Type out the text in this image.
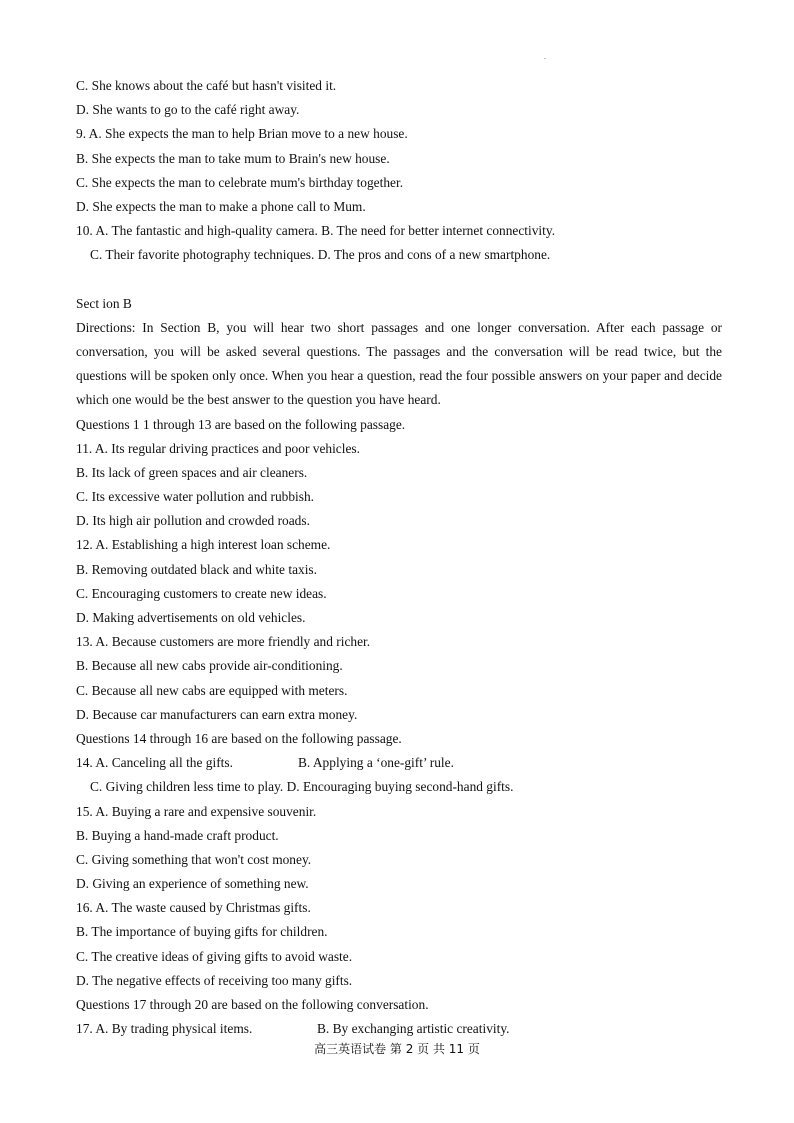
.
C. She knows about the café but hasn't visited it.
D. She wants to go to the café right away.
9. A. She expects the man to help Brian move to a new house.
B. She expects the man to take mum to Brain's new house.
C. She expects the man to celebrate mum's birthday together.
D. She expects the man to make a phone call to Mum.
10. A. The fantastic and high-quality camera. B. The need for better internet connectivity.
C. Their favorite photography techniques. D. The pros and cons of a new smartphone.
Sect ion B
Directions: In Section B, you will hear two short passages and one longer conversation. After each passage or conversation, you will be asked several questions. The passages and the conversation will be read twice, but the questions will be spoken only once. When you hear a question, read the four possible answers on your paper and decide which one would be the best answer to the question you have heard.
Questions 1 1 through 13 are based on the following passage.
11. A. Its regular driving practices and poor vehicles.
B. Its lack of green spaces and air cleaners.
C. Its excessive water pollution and rubbish.
D. Its high air pollution and crowded roads.
12. A. Establishing a high interest loan scheme.
B. Removing outdated black and white taxis.
C. Encouraging customers to create new ideas.
D. Making advertisements on old vehicles.
13. A. Because customers are more friendly and richer.
B. Because all new cabs provide air-conditioning.
C. Because all new cabs are equipped with meters.
D. Because car manufacturers can earn extra money.
Questions 14 through 16 are based on the following passage.
14. A. Canceling all the gifts.	B. Applying a ‘one-gift’ rule.
C. Giving children less time to play. D. Encouraging buying second-hand gifts.
15. A. Buying a rare and expensive souvenir.
B. Buying a hand-made craft product.
C. Giving something that won't cost money.
D. Giving an experience of something new.
16. A. The waste caused by Christmas gifts.
B. The importance of buying gifts for children.
C. The creative ideas of giving gifts to avoid waste.
D. The negative effects of receiving too many gifts.
Questions 17 through 20 are based on the following conversation.
17. A. By trading physical items.	B. By exchanging artistic creativity.
高三英语试卷 第 2 页 共 11 页
